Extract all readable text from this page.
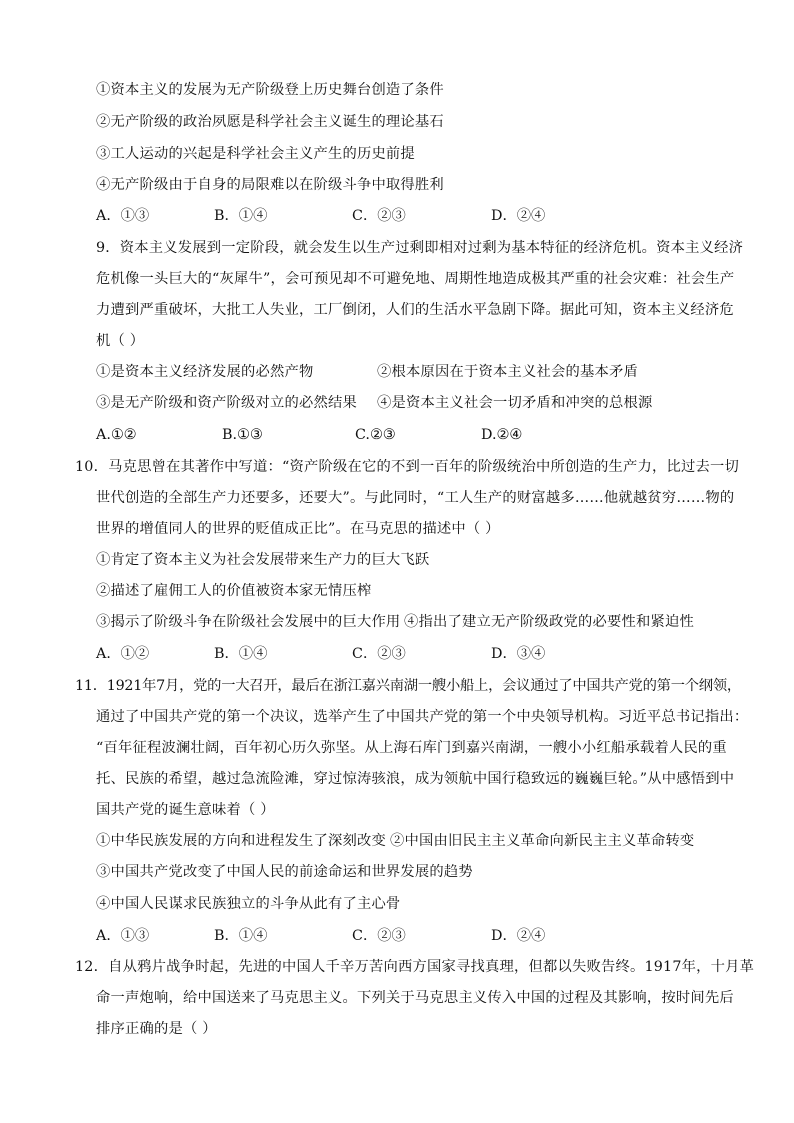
①资本主义的发展为无产阶级登上历史舞台创造了条件
②无产阶级的政治夙愿是科学社会主义诞生的理论基石
③工人运动的兴起是科学社会主义产生的历史前提
④无产阶级由于自身的局限难以在阶级斗争中取得胜利
A．①③	B．①④	C．②③	D．②④
9．资本主义发展到一定阶段，就会发生以生产过剩即相对过剩为基本特征的经济危机。资本主义经济
危机像一头巨大的“灰犀牛”，会可预见却不可避免地、周期性地造成极其严重的社会灾难：社会生产
力遭到严重破坏，大批工人失业，工厂倒闭，人们的生活水平急剧下降。据此可知，资本主义经济危
机（ ）
①是资本主义经济发展的必然产物	②根本原因在于资本主义社会的基本矛盾
③是无产阶级和资产阶级对立的必然结果 ④是资本主义社会一切矛盾和冲突的总根源
A.①②	B.①③	C.②③	D.②④
10．马克思曾在其著作中写道：“资产阶级在它的不到一百年的阶级统治中所创造的生产力，比过去一切
世代创造的全部生产力还要多，还要大”。与此同时，“工人生产的财富越多……他就越贫穷……物的
世界的增值同人的世界的贬值成正比”。在马克思的描述中（ ）
①肯定了资本主义为社会发展带来生产力的巨大飞跃
②描述了雇佣工人的价值被资本家无情压榨
③揭示了阶级斗争在阶级社会发展中的巨大作用 ④指出了建立无产阶级政党的必要性和紧迫性
A．①②	B．①④	C．②③	D．③④
11．1921年7月，党的一大召开，最后在浙江嘉兴南湖一艘小船上，会议通过了中国共产党的第一个纲领，
通过了中国共产党的第一个决议，选举产生了中国共产党的第一个中央领导机构。习近平总书记指出：
“百年征程波澜壮阔，百年初心历久弥坚。从上海石库门到嘉兴南湖，一艘小小红船承载着人民的重
托、民族的希望，越过急流险滩，穿过惊涛骇浪，成为领航中国行稳致远的巍巍巨轮。”从中感悟到中
国共产党的诞生意味着（ ）
①中华民族发展的方向和进程发生了深刻改变 ②中国由旧民主主义革命向新民主主义革命转变
③中国共产党改变了中国人民的前途命运和世界发展的趋势
④中国人民谋求民族独立的斗争从此有了主心骨
A．①③	B．①④	C．②③	D．②④
12．自从鸦片战争时起，先进的中国人千辛万苦向西方国家寻找真理，但都以失败告终。1917年，十月革
命一声炮响，给中国送来了马克思主义。下列关于马克思主义传入中国的过程及其影响，按时间先后
排序正确的是（ ）
